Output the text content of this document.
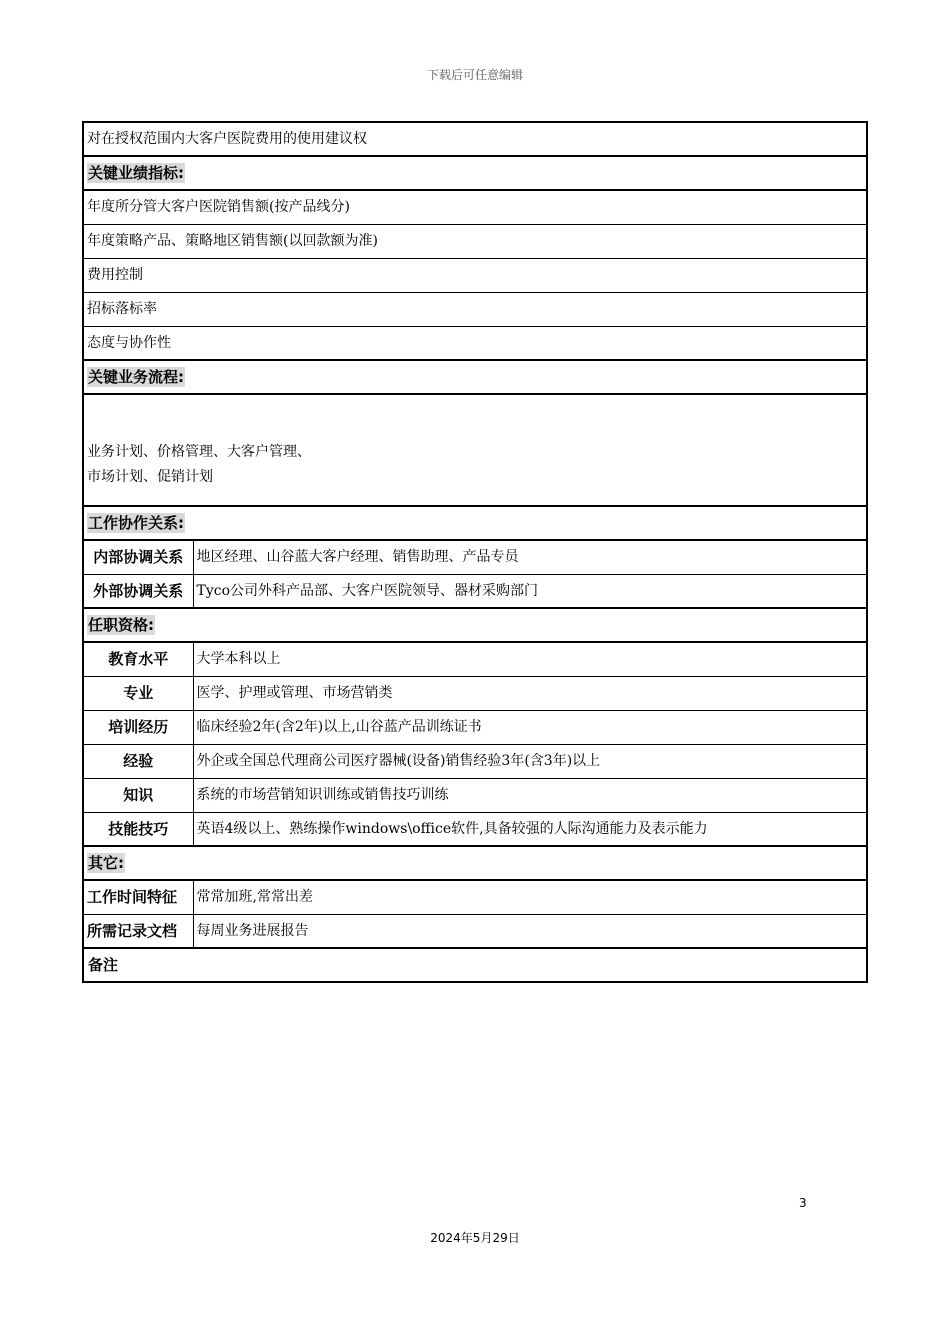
下载后可任意编辑
对在授权范围内大客户医院费用的使用建议权	
关键业绩指标:	
年度所分管大客户医院销售额(按产品线分)	
年度策略产品、策略地区销售额(以回款额为准)	
费用控制	
招标落标率	
态度与协作性	
关键业务流程:	

业务计划、价格管理、大客户管理、
市场计划、促销计划	

工作协作关系:	
内部协调关系	地区经理、山谷蓝大客户经理、销售助理、产品专员
外部协调关系	Tyco公司外科产品部、大客户医院领导、器材采购部门
任职资格:	
教育水平	大学本科以上
专业	医学、护理或管理、市场营销类
培训经历	临床经验2年(含2年)以上,山谷蓝产品训练证书
经验	外企或全国总代理商公司医疗器械(设备)销售经验3年(含3年)以上
知识	系统的市场营销知识训练或销售技巧训练
技能技巧	英语4级以上、熟练操作windows\office软件,具备较强的人际沟通能力及表示能力
其它:	
工作时间特征	常常加班,常常出差
所需记录文档	每周业务进展报告
备注	
3
2024年5月29日
